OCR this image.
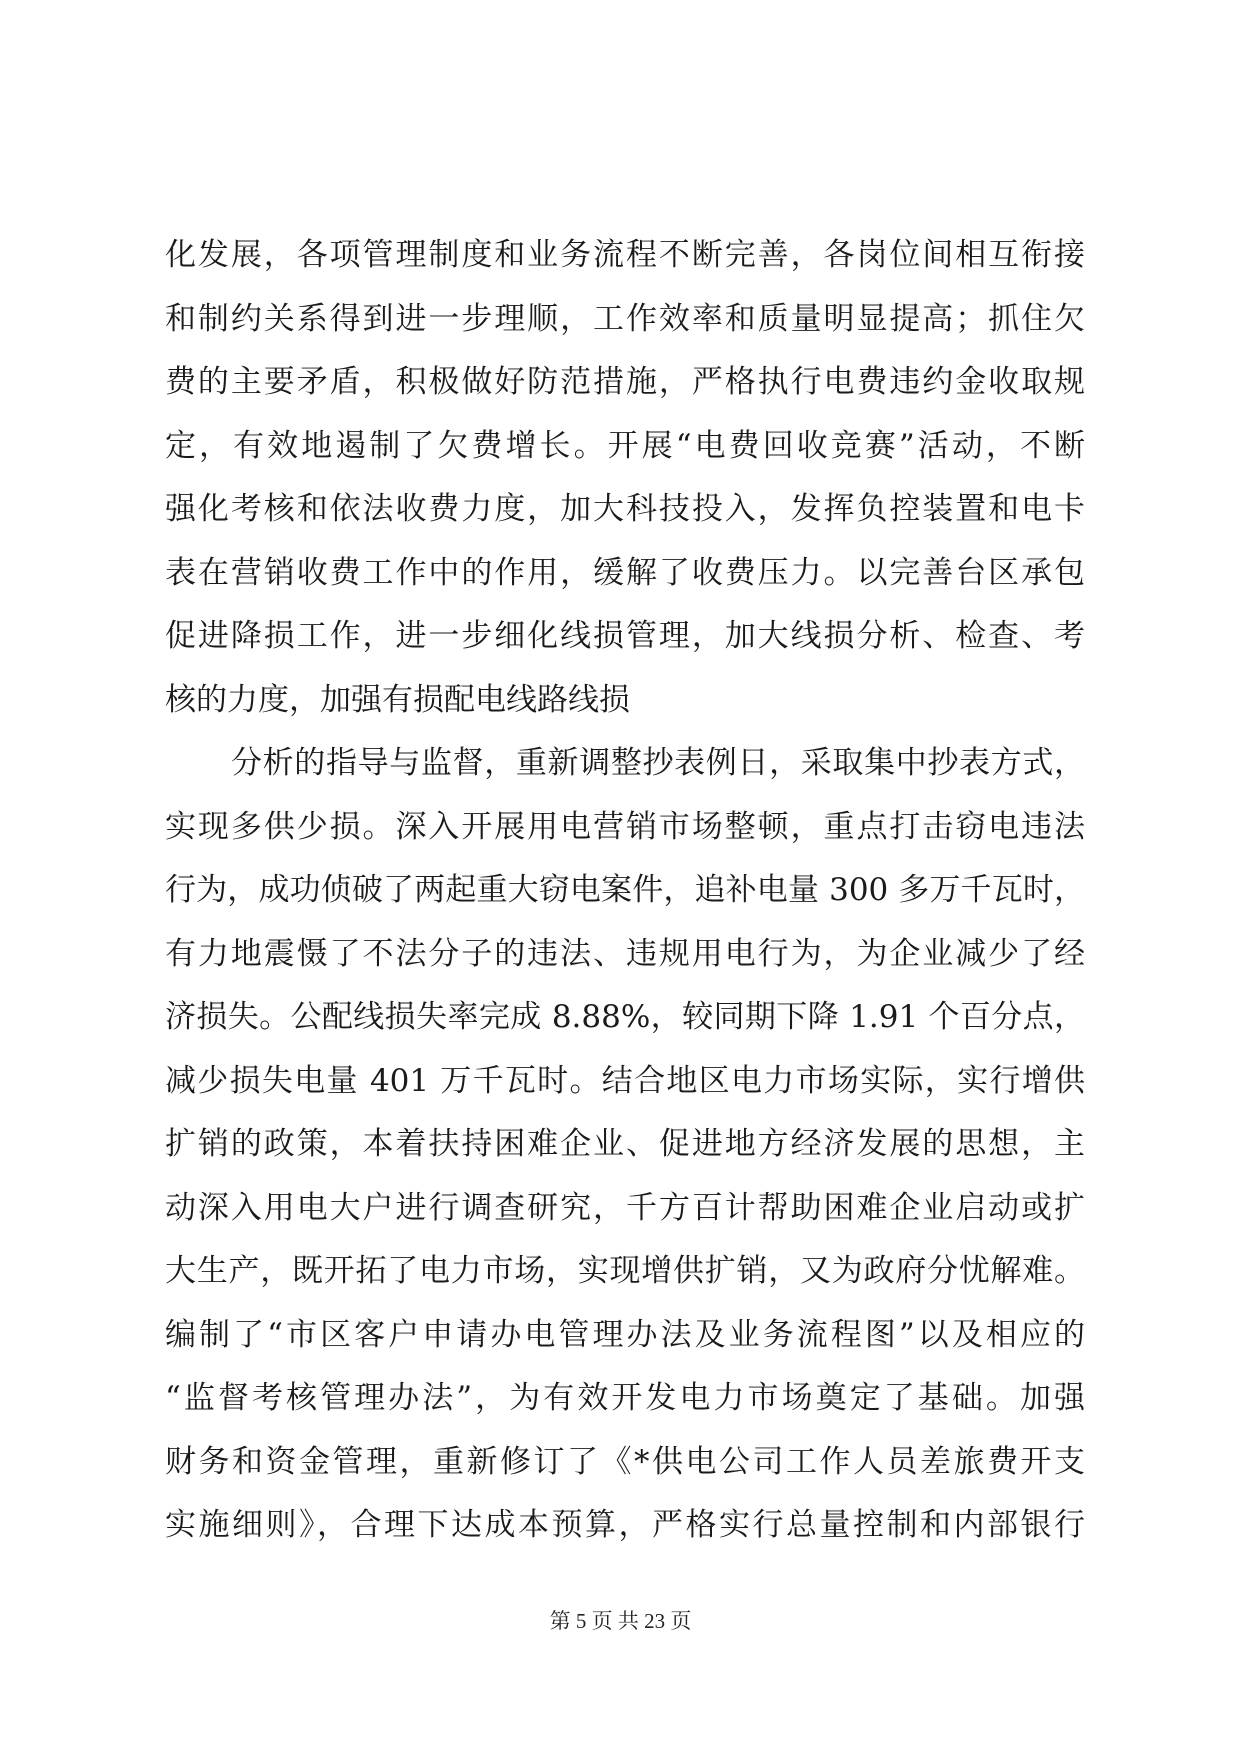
化发展，各项管理制度和业务流程不断完善，各岗位间相互衔接
和制约关系得到进一步理顺，工作效率和质量明显提高；抓住欠
费的主要矛盾，积极做好防范措施，严格执行电费违约金收取规
定，有效地遏制了欠费增长。开展“电费回收竞赛”活动，不断
强化考核和依法收费力度，加大科技投入，发挥负控装置和电卡
表在营销收费工作中的作用，缓解了收费压力。以完善台区承包
促进降损工作，进一步细化线损管理，加大线损分析、检查、考
核的力度，加强有损配电线路线损
分析的指导与监督，重新调整抄表例日，采取集中抄表方式，
实现多供少损。深入开展用电营销市场整顿，重点打击窃电违法
行为，成功侦破了两起重大窃电案件，追补电量 300 多万千瓦时，
有力地震慑了不法分子的违法、违规用电行为，为企业减少了经
济损失。公配线损失率完成 8.88%，较同期下降 1.91 个百分点，
减少损失电量 401 万千瓦时。结合地区电力市场实际，实行增供
扩销的政策，本着扶持困难企业、促进地方经济发展的思想，主
动深入用电大户进行调查研究，千方百计帮助困难企业启动或扩
大生产，既开拓了电力市场，实现增供扩销，又为政府分忧解难。
编制了“市区客户申请办电管理办法及业务流程图”以及相应的
“监督考核管理办法”，为有效开发电力市场奠定了基础。加强
财务和资金管理，重新修订了《*供电公司工作人员差旅费开支
实施细则》，合理下达成本预算，严格实行总量控制和内部银行
第 5 页 共 23 页
